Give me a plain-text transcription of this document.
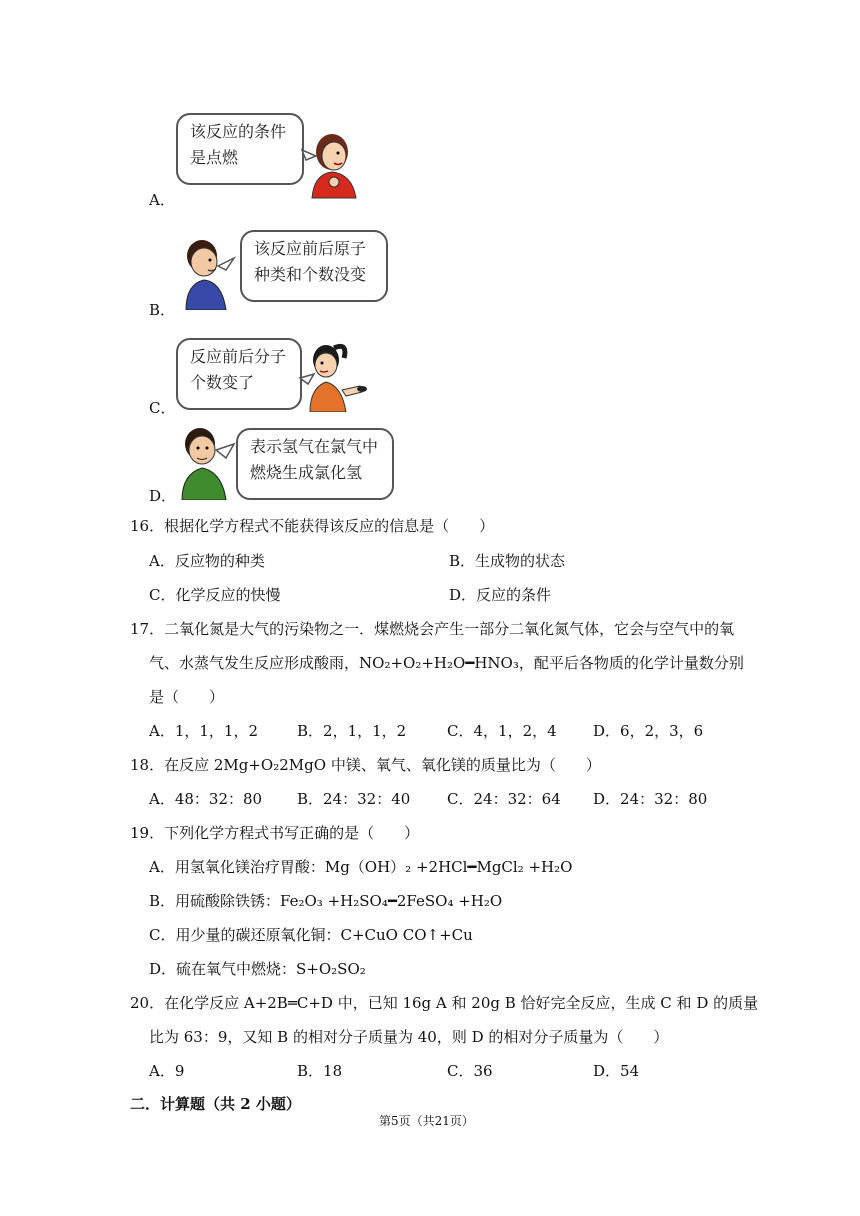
该反应的条件
是点燃
A．
该反应前后原子
种类和个数没变
B．
反应前后分子
个数变了
C．
表示氢气在氯气中
燃烧生成氯化氢
D．
16．根据化学方程式不能获得该反应的信息是（　　）
A．反应物的种类	B．生成物的状态
C．化学反应的快慢	D．反应的条件
17．二氧化氮是大气的污染物之一．煤燃烧会产生一部分二氧化氮气体，它会与空气中的氧
气、水蒸气发生反应形成酸雨，NO₂+O₂+H₂O━HNO₃，配平后各物质的化学计量数分别
是（　　）
A．1，1，1，2	B．2，1，1，2	C．4，1，2，4 D．6，2，3，6
18．在反应 2Mg+O₂2MgO 中镁、氧气、氧化镁的质量比为（　　）
A．48：32：80 B．24：32：40 C．24：32：64 D．24：32：80
19．下列化学方程式书写正确的是（　　）
A．用氢氧化镁治疗胃酸：Mg（OH）₂ +2HCl━MgCl₂ +H₂O
B．用硫酸除铁锈：Fe₂O₃ +H₂SO₄━2FeSO₄ +H₂O
C．用少量的碳还原氧化铜：C+CuO CO↑+Cu
D．硫在氧气中燃烧：S+O₂SO₂
20．在化学反应 A+2B═C+D 中，已知 16g A 和 20g B 恰好完全反应，生成 C 和 D 的质量
比为 63：9，又知 B 的相对分子质量为 40，则 D 的相对分子质量为（　　）
A．9	B．18	C．36	D．54
二．计算题（共 2 小题）
第5页（共21页）
